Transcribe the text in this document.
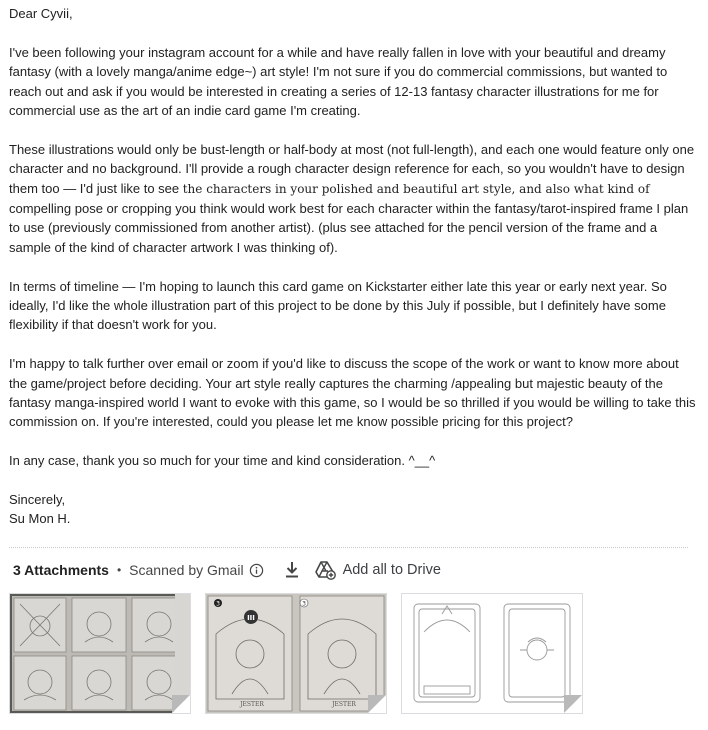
Dear Cyvii,

I've been following your instagram account for a while and have really fallen in love with your beautiful and dreamy fantasy (with a lovely manga/anime edge~) art style! I'm not sure if you do commercial commissions, but wanted to reach out and ask if you would be interested in creating a series of 12-13 fantasy character illustrations for me for commercial use as the art of an indie card game I'm creating.

These illustrations would only be bust-length or half-body at most (not full-length), and each one would feature only one character and no background. I'll provide a rough character design reference for each, so you wouldn't have to design them too — I'd just like to see the characters in your polished and beautiful art style, and also what kind of compelling pose or cropping you think would work best for each character within the fantasy/tarot-inspired frame I plan to use (previously commissioned from another artist). (plus see attached for the pencil version of the frame and a sample of the kind of character artwork I was thinking of).

In terms of timeline — I'm hoping to launch this card game on Kickstarter either late this year or early next year. So ideally, I'd like the whole illustration part of this project to be done by this July if possible, but I definitely have some flexibility if that doesn't work for you.

I'm happy to talk further over email or zoom if you'd like to discuss the scope of the work or want to know more about the game/project before deciding. Your art style really captures the charming /appealing but majestic beauty of the fantasy manga-inspired world I want to evoke with this game, so I would be so thrilled if you would be willing to take this commission on. If you're interested, could you please let me know possible pricing for this project?

In any case, thank you so much for your time and kind consideration. ^__^

Sincerely,

Su Mon H.

3 Attachments • Scanned by Gmail	Add all to Drive
III
3	3
JESTER	JESTER
